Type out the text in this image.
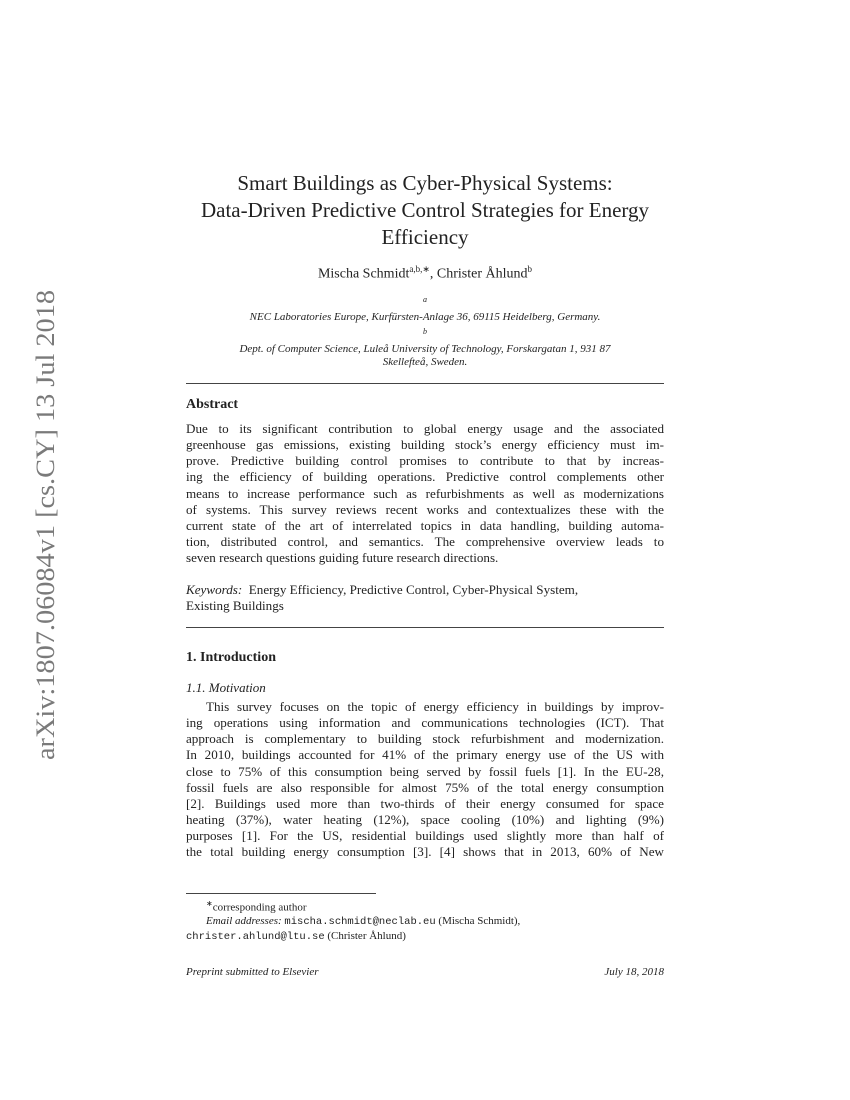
arXiv:1807.06084v1 [cs.CY] 13 Jul 2018
Smart Buildings as Cyber-Physical Systems:
Data-Driven Predictive Control Strategies for Energy
Efficiency
Mischa Schmidt$^{a,b,∗}$, Christer Åhlund$^b$
$^a$
NEC Laboratories Europe, Kurfürsten-Anlage 36, 69115 Heidelberg, Germany.
$^b$
Dept. of Computer Science, Luleå University of Technology, Forskargatan 1, 931 87
Skellefteå, Sweden.
Abstract
Due to its significant contribution to global energy usage and the associated
greenhouse gas emissions, existing building stock’s energy efficiency must im-
prove. Predictive building control promises to contribute to that by increas-
ing the efficiency of building operations. Predictive control complements other
means to increase performance such as refurbishments as well as modernizations
of systems. This survey reviews recent works and contextualizes these with the
current state of the art of interrelated topics in data handling, building automa-
tion, distributed control, and semantics. The comprehensive overview leads to
seven research questions guiding future research directions.
Keywords: Energy Efficiency, Predictive Control, Cyber-Physical System,
Existing Buildings
1. Introduction
1.1. Motivation
This survey focuses on the topic of energy efficiency in buildings by improv-
ing operations using information and communications technologies (ICT). That
approach is complementary to building stock refurbishment and modernization.
In 2010, buildings accounted for 41% of the primary energy use of the US with
close to 75% of this consumption being served by fossil fuels [1]. In the EU-28,
fossil fuels are also responsible for almost 75% of the total energy consumption
[2]. Buildings used more than two-thirds of their energy consumed for space
heating (37%), water heating (12%), space cooling (10%) and lighting (9%)
purposes [1]. For the US, residential buildings used slightly more than half of
the total building energy consumption [3]. [4] shows that in 2013, 60% of New
∗corresponding author
Email addresses: mischa.schmidt@neclab.eu (Mischa Schmidt),
christer.ahlund@ltu.se (Christer Åhlund)
Preprint submitted to Elsevier	July 18, 2018
